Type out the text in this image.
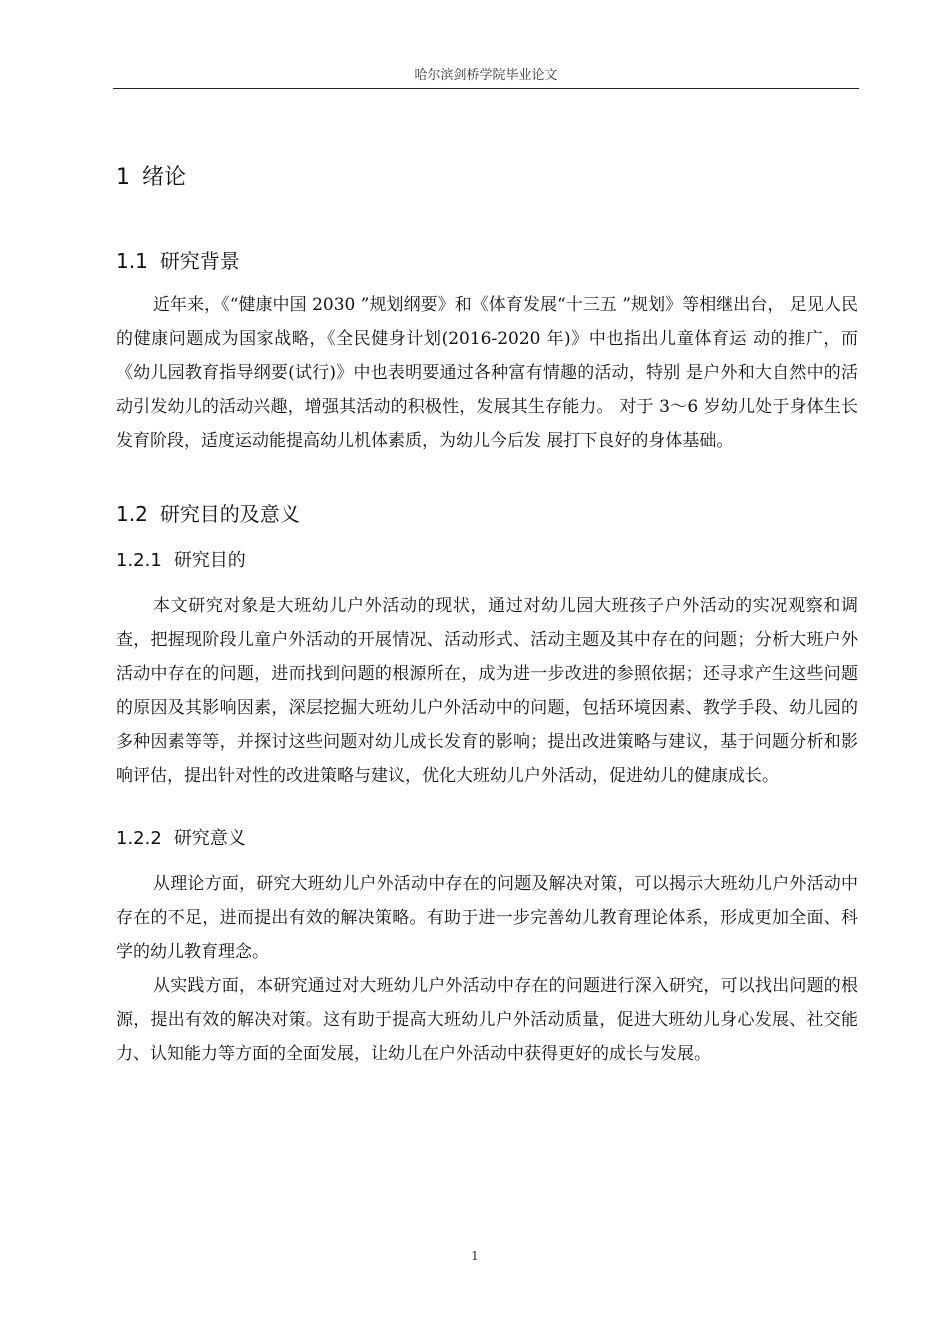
哈尔滨剑桥学院毕业论文
1 绪论
1.1 研究背景

近年来，《“健康中国 2030 ”规划纲要》和《体育发展“十三五 ”规划》等相继出台， 足见人民的健康问题成为国家战略，《全民健身计划(2016-2020 年)》中也指出儿童体育运 动的推广，而《幼儿园教育指导纲要(试行)》中也表明要通过各种富有情趣的活动，特别 是户外和大自然中的活动引发幼儿的活动兴趣，增强其活动的积极性，发展其生存能力。 对于 3～6 岁幼儿处于身体生长发育阶段，适度运动能提高幼儿机体素质，为幼儿今后发 展打下良好的身体基础。

1.2 研究目的及意义
1.2.1 研究目的

本文研究对象是大班幼儿户外活动的现状，通过对幼儿园大班孩子户外活动的实况观察和调查，把握现阶段儿童户外活动的开展情况、活动形式、活动主题及其中存在的问题；分析大班户外活动中存在的问题，进而找到问题的根源所在，成为进一步改进的参照依据；还寻求产生这些问题的原因及其影响因素，深层挖掘大班幼儿户外活动中的问题，包括环境因素、教学手段、幼儿园的多种因素等等，并探讨这些问题对幼儿成长发育的影响；提出改进策略与建议，基于问题分析和影响评估，提出针对性的改进策略与建议，优化大班幼儿户外活动，促进幼儿的健康成长。

1.2.2 研究意义

从理论方面，研究大班幼儿户外活动中存在的问题及解决对策，可以揭示大班幼儿户外活动中存在的不足，进而提出有效的解决策略。有助于进一步完善幼儿教育理论体系，形成更加全面、科学的幼儿教育理念。

从实践方面，本研究通过对大班幼儿户外活动中存在的问题进行深入研究，可以找出问题的根源，提出有效的解决对策。这有助于提高大班幼儿户外活动质量，促进大班幼儿身心发展、社交能力、认知能力等方面的全面发展，让幼儿在户外活动中获得更好的成长与发展。

1
